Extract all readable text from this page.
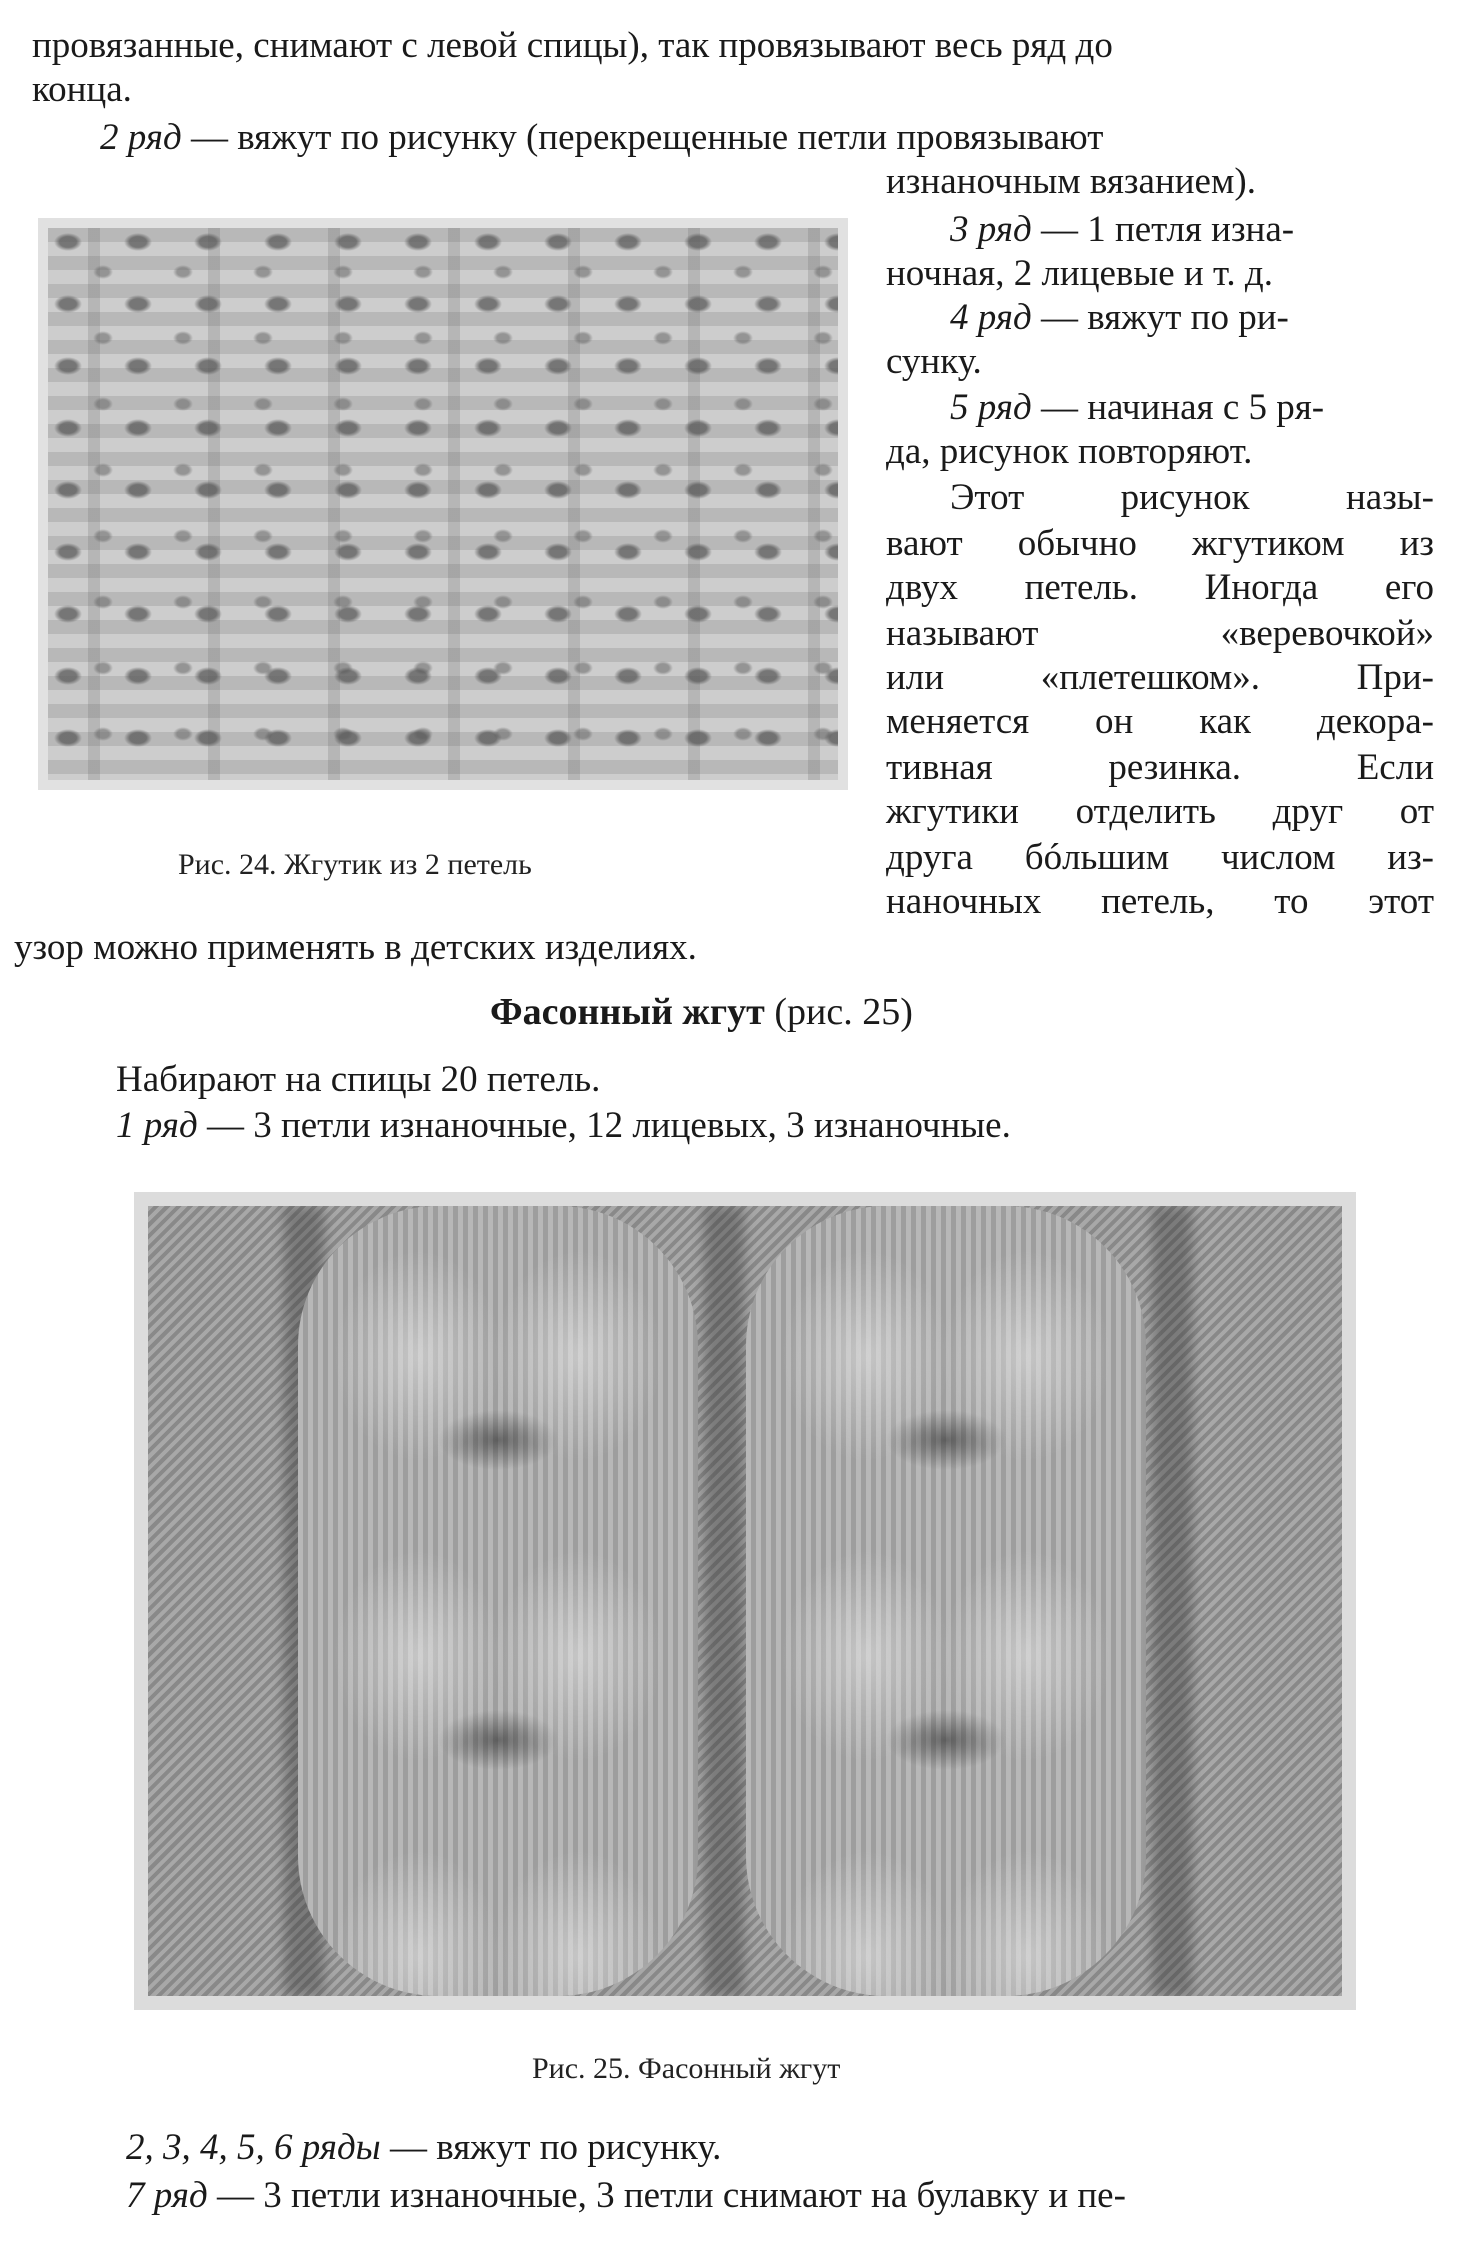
провязанные, снимают с левой спицы), так провязывают весь ряд до
конца.
2 ряд — вяжут по рисунку (перекрещенные петли провязывают
изнаночным вязанием).
Рис. 24. Жгутик из 2 петель
3 ряд — 1 петля изна-
ночная, 2 лицевые и т. д.
4 ряд — вяжут по ри-
сунку.
5 ряд — начиная с 5 ря-
да, рисунок повторяют.
Этот рисунок назы-
вают обычно жгутиком из
двух петель. Иногда его
называют «веревочкой»
или «плетешком». При-
меняется он как декора-
тивная резинка. Если
жгутики отделить друг от
друга бóльшим числом из-
наночных петель, то этот
узор можно применять в детских изделиях.
Фасонный жгут (рис. 25)
Набирают на спицы 20 петель.
1 ряд — 3 петли изнаночные, 12 лицевых, 3 изнаночные.
Рис. 25. Фасонный жгут
2, 3, 4, 5, 6 ряды — вяжут по рисунку.
7 ряд — 3 петли изнаночные, 3 петли снимают на булавку и пе-
